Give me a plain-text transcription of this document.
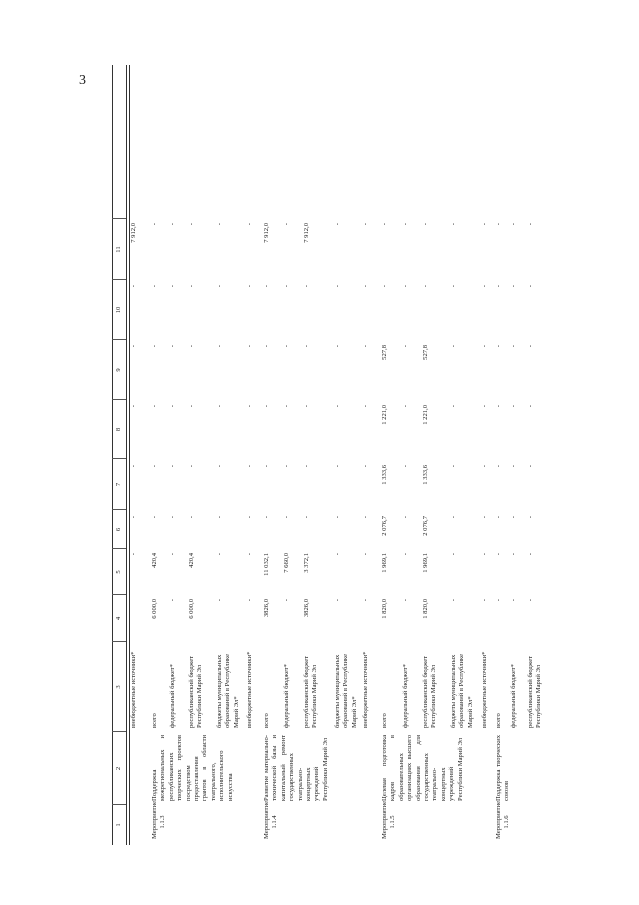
3
1
2
3
4
5
6
7
8
9
10
11
внебюджетные источники*
-
-
-
-
-
-
7 912,0
Мероприятие 1.1.3
Поддержка межрегиональных и республиканских творческих проектов посредством предоставления грантов в области театрального, исполнительского искусства
всего
6 000,0
420,4
-
-
-
-
-
-
федеральный бюджет*
-
-
-
-
-
-
-
-
республиканский бюджет Республики Марий Эл
6 000,0
420,4
-
-
-
-
-
-
бюджеты муниципальных образований в Республике Марий Эл*
-
-
-
-
-
-
-
-
внебюджетные источники*
-
-
-
-
-
-
-
-
Мероприятие 1.1.4
Развитие материально-технической базы и капитальный ремонт государственных театрально-концертных учреждений Республики Марий Эл
всего
3826,0
11 032,1
-
-
-
-
-
7 912,0
федеральный бюджет*
-
7 660,0
-
-
-
-
-
-
республиканский бюджет Республики Марий Эл
3826,0
3 372,1
-
-
-
-
-
7 912,0
бюджеты муниципальных образований в Республике Марий Эл*
-
-
-
-
-
-
-
-
внебюджетные источники*
-
-
-
-
-
-
-
-
Мероприятие 1.1.5
Целевая подготовка кадров в образовательных организациях высшего образования для государственных театрально-концертных учреждений Республики Марий Эл
всего
1 820,0
1 969,1
2 076,7
1 333,6
1 221,0
527,8
-
-
федеральный бюджет*
-
-
-
-
-
-
-
-
республиканский бюджет Республики Марий Эл
1 820,0
1 969,1
2 076,7
1 333,6
1 221,0
527,8
-
-
бюджеты муниципальных образований в Республике Марий Эл*
-
-
-
-
-
-
-
-
внебюджетные источники*
-
-
-
-
-
-
-
-
Мероприятие 1.1.6
Поддержка творческих союзов
всего
-
-
-
-
-
-
-
-
федеральный бюджет*
-
-
-
-
-
-
-
-
республиканский бюджет Республики Марий Эл
-
-
-
-
-
-
-
-
